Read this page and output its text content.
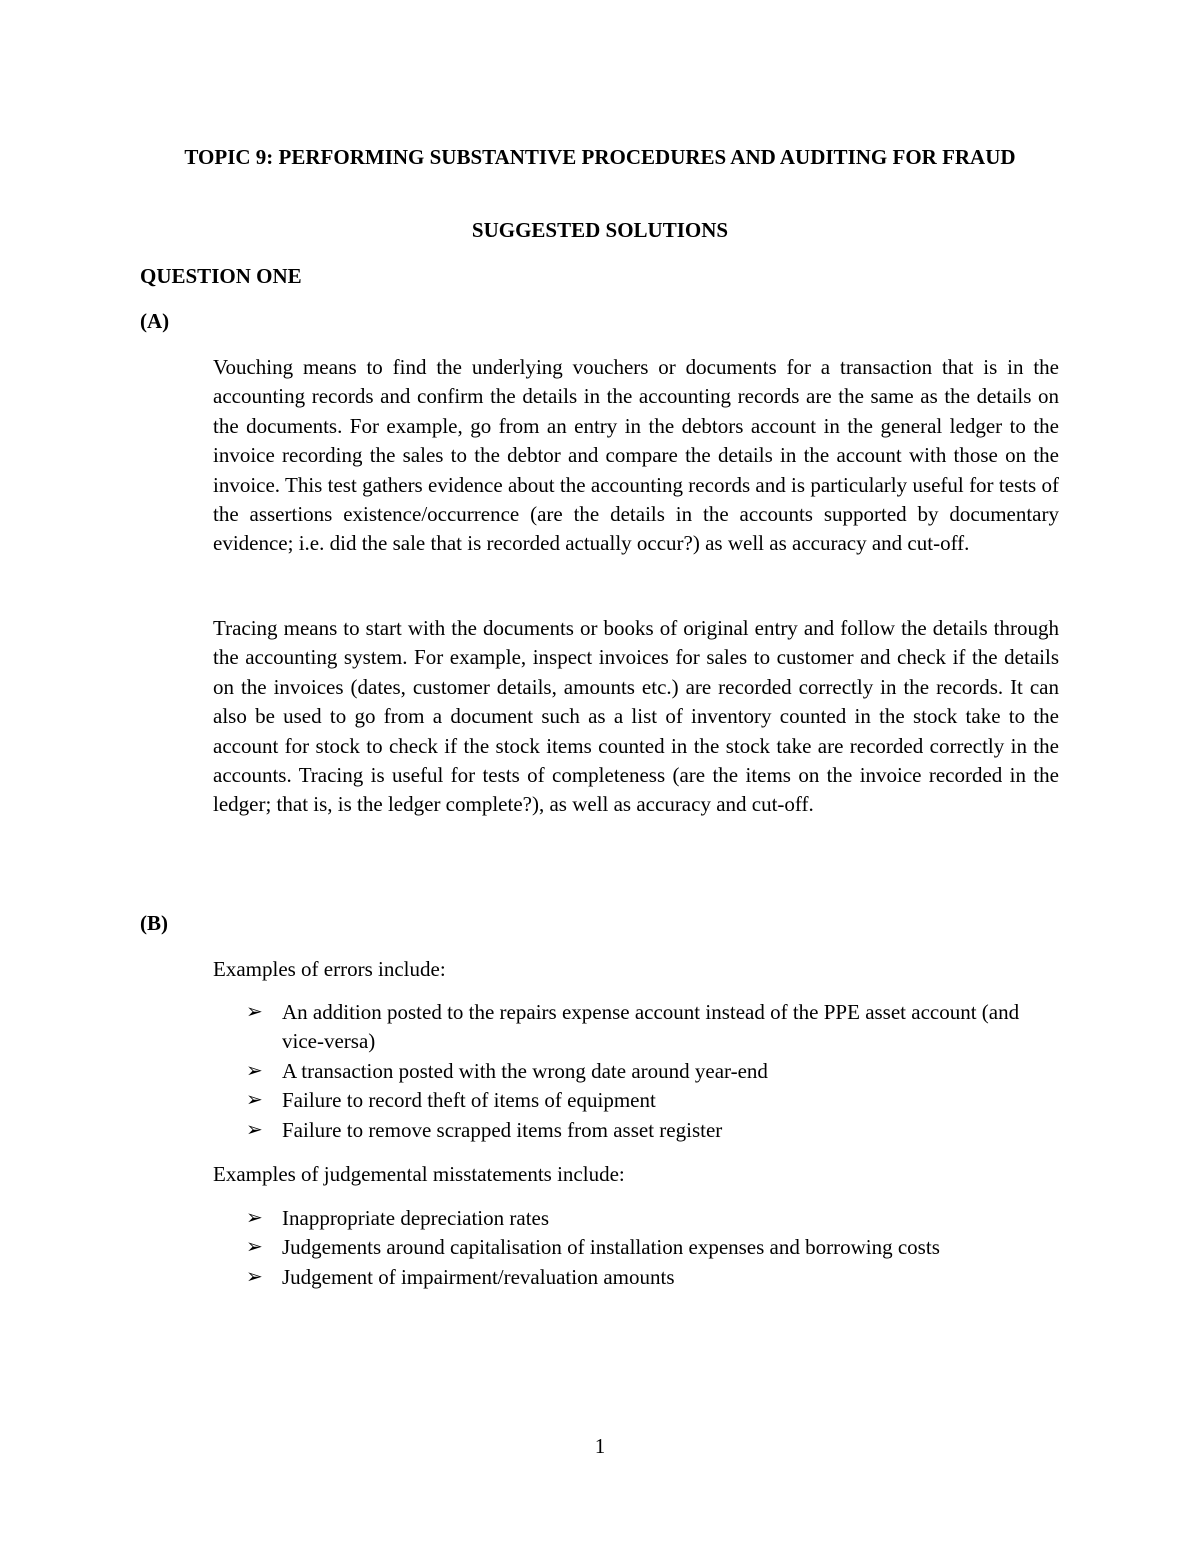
TOPIC 9: PERFORMING SUBSTANTIVE PROCEDURES AND AUDITING FOR FRAUD
SUGGESTED SOLUTIONS
QUESTION ONE
(A)

Vouching means to find the underlying vouchers or documents for a transaction that is in the accounting records and confirm the details in the accounting records are the same as the details on the documents. For example, go from an entry in the debtors account in the general ledger to the invoice recording the sales to the debtor and compare the details in the account with those on the invoice. This test gathers evidence about the accounting records and is particularly useful for tests of the assertions existence/occurrence (are the details in the accounts supported by documentary evidence; i.e. did the sale that is recorded actually occur?) as well as accuracy and cut-off.

Tracing means to start with the documents or books of original entry and follow the details through the accounting system. For example, inspect invoices for sales to customer and check if the details on the invoices (dates, customer details, amounts etc.) are recorded correctly in the records. It can also be used to go from a document such as a list of inventory counted in the stock take to the account for stock to check if the stock items counted in the stock take are recorded correctly in the accounts. Tracing is useful for tests of completeness (are the items on the invoice recorded in the ledger; that is, is the ledger complete?), as well as accuracy and cut-off.

(B)
Examples of errors include:
➢ An addition posted to the repairs expense account instead of the PPE asset account (and vice-versa)
➢ A transaction posted with the wrong date around year-end
➢ Failure to record theft of items of equipment
➢ Failure to remove scrapped items from asset register
Examples of judgemental misstatements include:
➢ Inappropriate depreciation rates
➢ Judgements around capitalisation of installation expenses and borrowing costs
➢ Judgement of impairment/revaluation amounts
1
